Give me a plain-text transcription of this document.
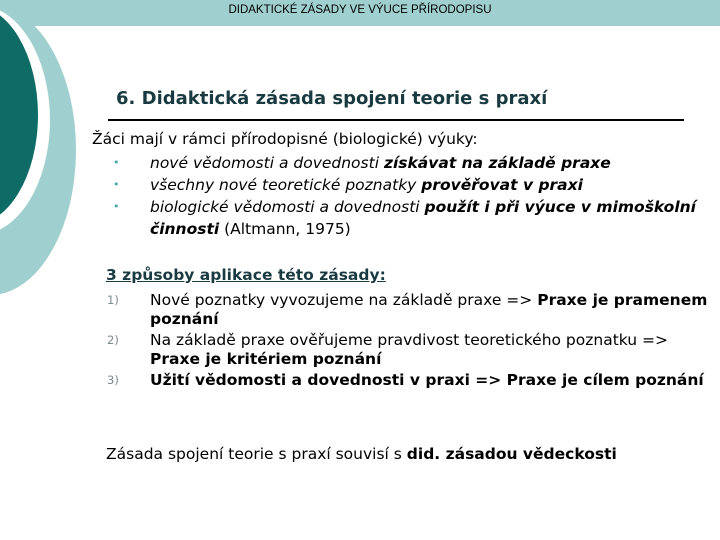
DIDAKTICKÉ ZÁSADY VE VÝUCE PŘÍRODOPISU
6. Didaktická zásada spojení teorie s praxí
Žáci mají v rámci přírodopisné (biologické) výuky:
• nové vědomosti a dovednosti získávat na základě praxe
• všechny nové teoretické poznatky prověřovat v praxi
• biologické vědomosti a dovednosti použít i při výuce v mimoškolní činnosti (Altmann, 1975)
3 způsoby aplikace této zásady:
1) Nové poznatky vyvozujeme na základě praxe => Praxe je pramenem poznání
2) Na základě praxe ověřujeme pravdivost teoretického poznatku => Praxe je kritériem poznání
3) Užití vědomosti a dovednosti v praxi => Praxe je cílem poznání
Zásada spojení teorie s praxí souvisí s did. zásadou vědeckosti
